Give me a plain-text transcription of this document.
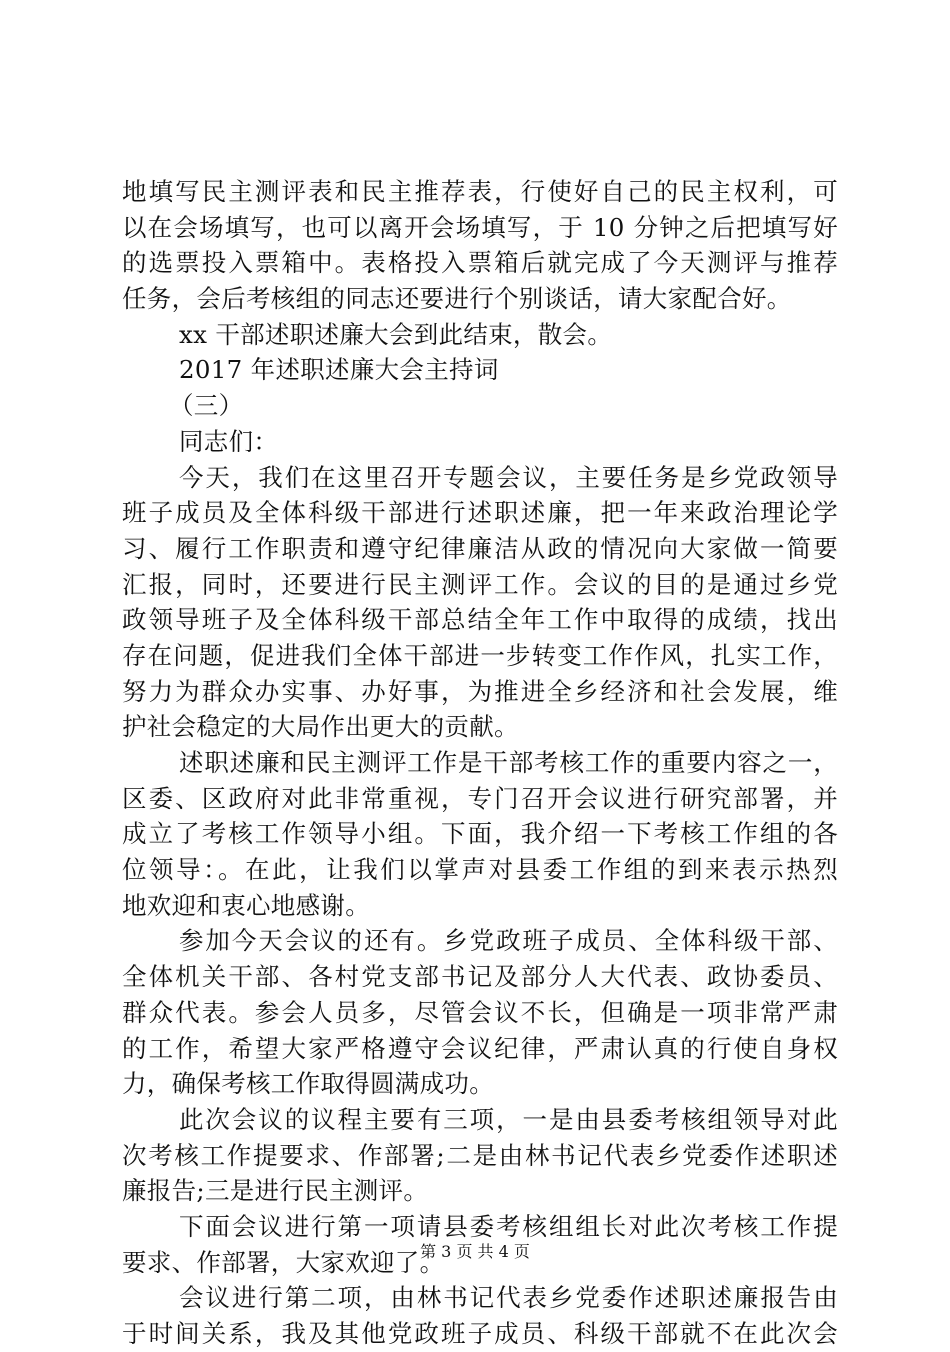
地填写民主测评表和民主推荐表，行使好自己的民主权利，可
以在会场填写，也可以离开会场填写，于 10 分钟之后把填写好
的选票投入票箱中。表格投入票箱后就完成了今天测评与推荐
任务，会后考核组的同志还要进行个别谈话，请大家配合好。
xx 干部述职述廉大会到此结束，散会。
2017 年述职述廉大会主持词
（三）
同志们：
今天，我们在这里召开专题会议，主要任务是乡党政领导
班子成员及全体科级干部进行述职述廉，把一年来政治理论学
习、履行工作职责和遵守纪律廉洁从政的情况向大家做一简要
汇报，同时，还要进行民主测评工作。会议的目的是通过乡党
政领导班子及全体科级干部总结全年工作中取得的成绩，找出
存在问题，促进我们全体干部进一步转变工作作风，扎实工作，
努力为群众办实事、办好事，为推进全乡经济和社会发展，维
护社会稳定的大局作出更大的贡献。
述职述廉和民主测评工作是干部考核工作的重要内容之一，
区委、区政府对此非常重视，专门召开会议进行研究部署，并
成立了考核工作领导小组。下面，我介绍一下考核工作组的各
位领导：。在此，让我们以掌声对县委工作组的到来表示热烈
地欢迎和衷心地感谢。
参加今天会议的还有。乡党政班子成员、全体科级干部、
全体机关干部、各村党支部书记及部分人大代表、政协委员、
群众代表。参会人员多，尽管会议不长，但确是一项非常严肃
的工作，希望大家严格遵守会议纪律，严肃认真的行使自身权
力，确保考核工作取得圆满成功。
此次会议的议程主要有三项，一是由县委考核组领导对此
次考核工作提要求、作部署;二是由林书记代表乡党委作述职述
廉报告;三是进行民主测评。
下面会议进行第一项请县委考核组组长对此次考核工作提
要求、作部署，大家欢迎了。
会议进行第二项，由林书记代表乡党委作述职述廉报告由
于时间关系，我及其他党政班子成员、科级干部就不在此次会
第 3 页 共 4 页
